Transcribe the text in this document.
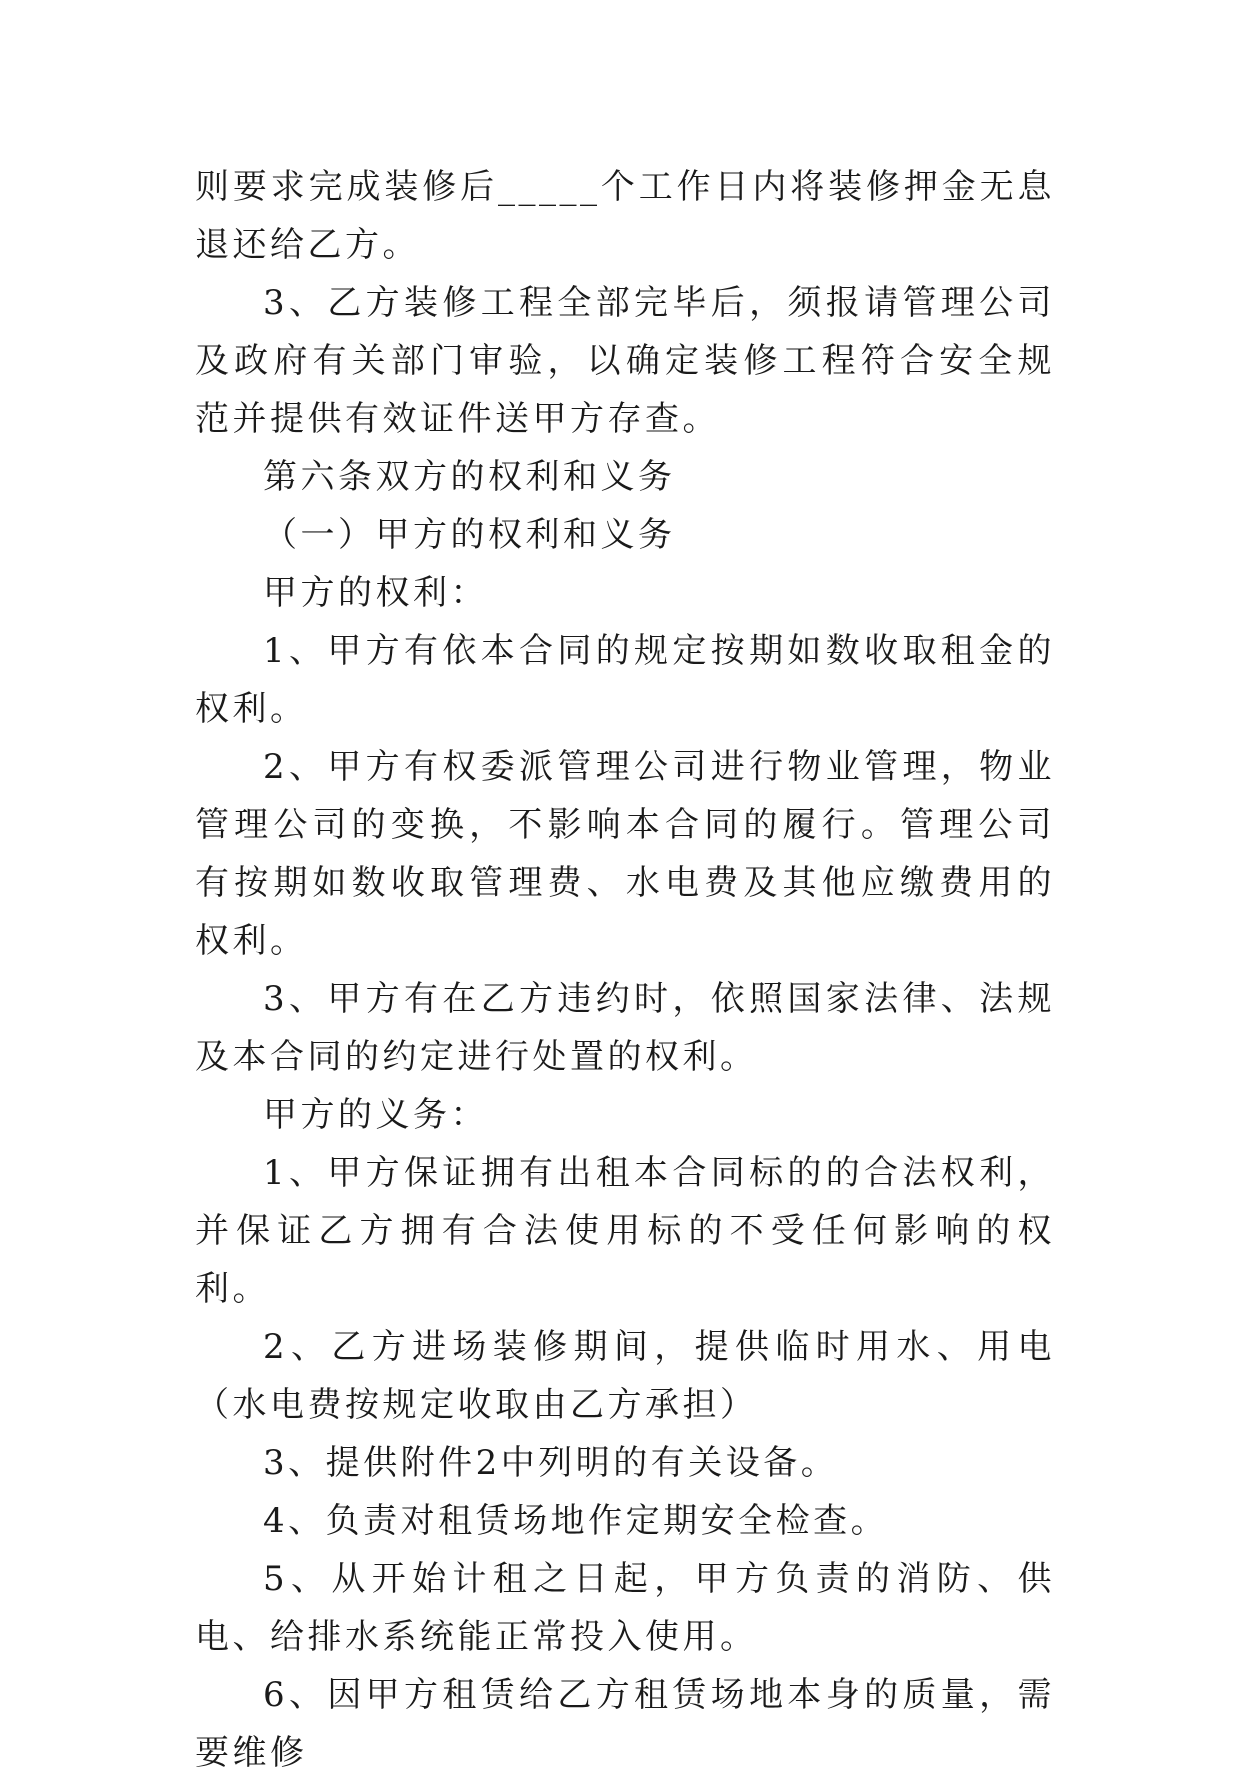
则要求完成装修后_____个工作日内将装修押金无息退还给乙方。

3、乙方装修工程全部完毕后，须报请管理公司及政府有关部门审验，以确定装修工程符合安全规范并提供有效证件送甲方存查。

第六条双方的权利和义务

（一）甲方的权利和义务

甲方的权利：

1、甲方有依本合同的规定按期如数收取租金的权利。

2、甲方有权委派管理公司进行物业管理，物业管理公司的变换，不影响本合同的履行。管理公司有按期如数收取管理费、水电费及其他应缴费用的权利。

3、甲方有在乙方违约时，依照国家法律、法规及本合同的约定进行处置的权利。

甲方的义务：

1、甲方保证拥有出租本合同标的的合法权利，并保证乙方拥有合法使用标的不受任何影响的权利。

2、乙方进场装修期间，提供临时用水、用电（水电费按规定收取由乙方承担）

3、提供附件2中列明的有关设备。

4、负责对租赁场地作定期安全检查。

5、从开始计租之日起，甲方负责的消防、供电、给排水系统能正常投入使用。

6、因甲方租赁给乙方租赁场地本身的质量，需要维修
